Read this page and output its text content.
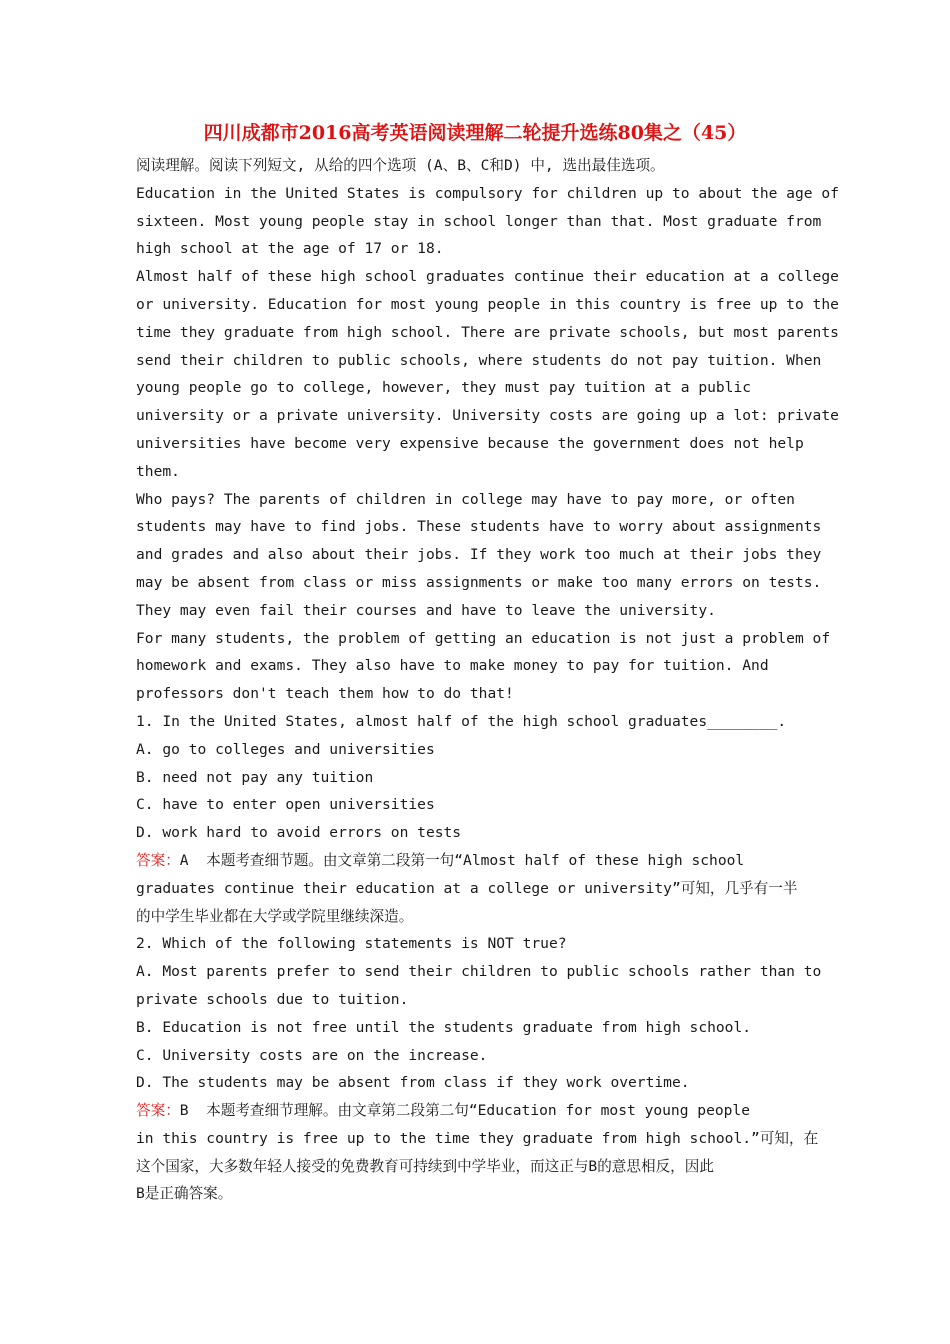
四川成都市2016高考英语阅读理解二轮提升选练80集之（45）
阅读理解。阅读下列短文, 从给的四个选项 (A、B、C和D) 中, 选出最佳选项。
Education in the United States is compulsory for children up to about the age of
sixteen. Most young people stay in school longer than that. Most graduate from
high school at the age of 17 or 18.
Almost half of these high school graduates continue their education at a college
or university. Education for most young people in this country is free up to the
time they graduate from high school. There are private schools, but most parents
send their children to public schools, where students do not pay tuition. When
young people go to college, however, they must pay tuition at a public
university or a private university. University costs are going up a lot: private
universities have become very expensive because the government does not help
them.
Who pays? The parents of children in college may have to pay more, or often
students may have to find jobs. These students have to worry about assignments
and grades and also about their jobs. If they work too much at their jobs they
may be absent from class or miss assignments or make too many errors on tests.
They may even fail their courses and have to leave the university.
For many students, the problem of getting an education is not just a problem of
homework and exams. They also have to make money to pay for tuition. And
professors don't teach them how to do that!
1. In the United States, almost half of the high school graduates________.
A. go to colleges and universities
B. need not pay any tuition
C. have to enter open universities
D. work hard to avoid errors on tests
答案：A  本题考查细节题。由文章第二段第一句“Almost half of these high school
graduates continue their education at a college or university”可知，几乎有一半
的中学生毕业都在大学或学院里继续深造。
2. Which of the following statements is NOT true?
A. Most parents prefer to send their children to public schools rather than to
private schools due to tuition.
B. Education is not free until the students graduate from high school.
C. University costs are on the increase.
D. The students may be absent from class if they work overtime.
答案：B  本题考查细节理解。由文章第二段第二句“Education for most young people
in this country is free up to the time they graduate from high school.”可知，在
这个国家，大多数年轻人接受的免费教育可持续到中学毕业，而这正与B的意思相反，因此
B是正确答案。
